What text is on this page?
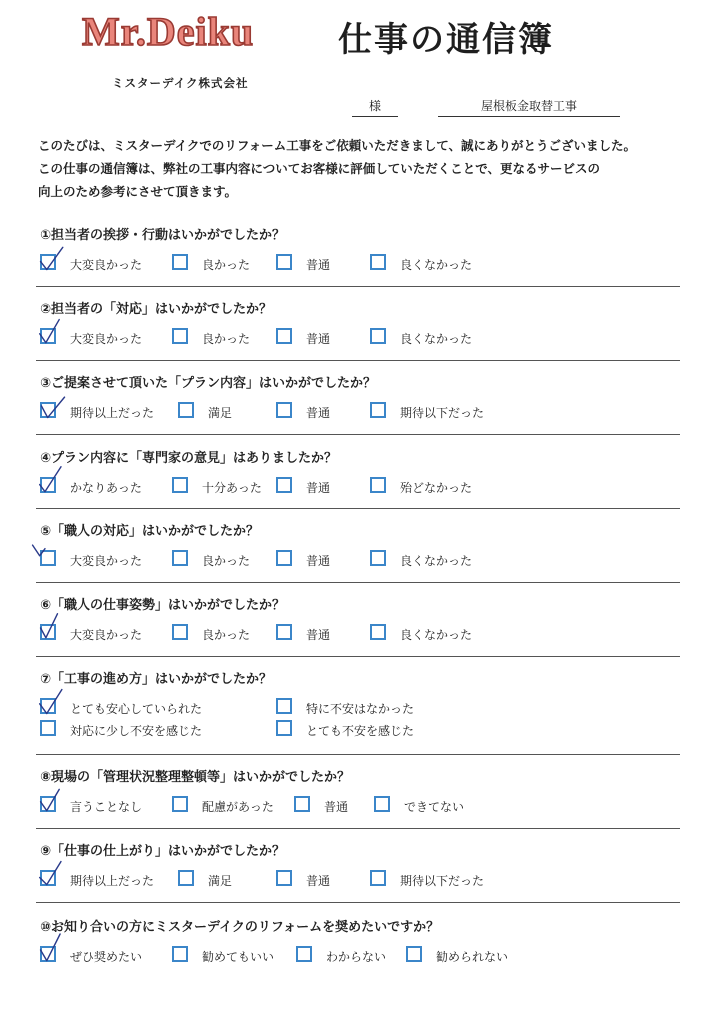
Mr.Deiku 仕事の通信簿
ミスターデイク株式会社
様	屋根板金取替工事
このたびは、ミスターデイクでのリフォーム工事をご依頼いただきまして、誠にありがとうございました。
この仕事の通信簿は、弊社の工事内容についてお客様に評価していただくことで、更なるサービスの
向上のため参考にさせて頂きます。
①担当者の挨拶・行動はいかがでしたか？
大変良かった	良かった	普通	良くなかった
②担当者の「対応」はいかがでしたか？
大変良かった	良かった	普通	良くなかった
③ご提案させて頂いた「プラン内容」はいかがでしたか？
期待以上だった	満足	普通	期待以下だった
④プラン内容に「専門家の意見」はありましたか？
かなりあった	十分あった	普通	殆どなかった
⑤「職人の対応」はいかがでしたか？
大変良かった	良かった	普通	良くなかった
⑥「職人の仕事姿勢」はいかがでしたか？
大変良かった	良かった	普通	良くなかった
⑦「工事の進め方」はいかがでしたか？
とても安心していられた	特に不安はなかった
対応に少し不安を感じた	とても不安を感じた
⑧現場の「管理状況整理整頓等」はいかがでしたか？
言うことなし	配慮があった	普通	できてない
⑨「仕事の仕上がり」はいかがでしたか？
期待以上だった	満足	普通	期待以下だった
⑩お知り合いの方にミスターデイクのリフォームを奨めたいですか？
ぜひ奨めたい	勧めてもいい	わからない	勧められない
